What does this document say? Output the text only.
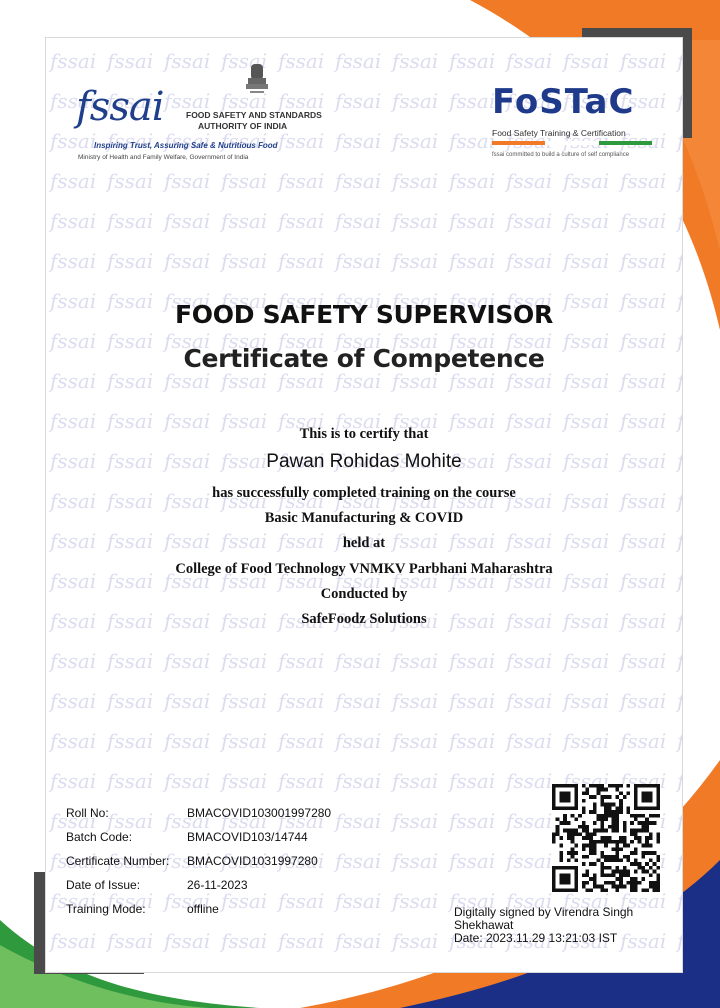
fssai	FOOD SAFETY AND STANDARDS
AUTHORITY OF INDIA
Inspiring Trust, Assuring Safe & Nutritious Food
Ministry of Health and Family Welfare, Government of India
FoSTaC
Food Safety Training & Certification
fssai committed to build a culture of self compliance
FOOD SAFETY SUPERVISOR
Certificate of Competence
This is to certify that
Pawan Rohidas Mohite
has successfully completed training on the course
Basic Manufacturing & COVID
held at
College of Food Technology VNMKV Parbhani Maharashtra
Conducted by
SafeFoodz Solutions
Roll No:	BMACOVID103001997280
Batch Code:	BMACOVID103/14744
Certificate Number: BMACOVID1031997280
Date of Issue:	26-11-2023
Training Mode:	offline	Digitally signed by Virendra Singh
Shekhawat
Date: 2023.11.29 13:21:03 IST
